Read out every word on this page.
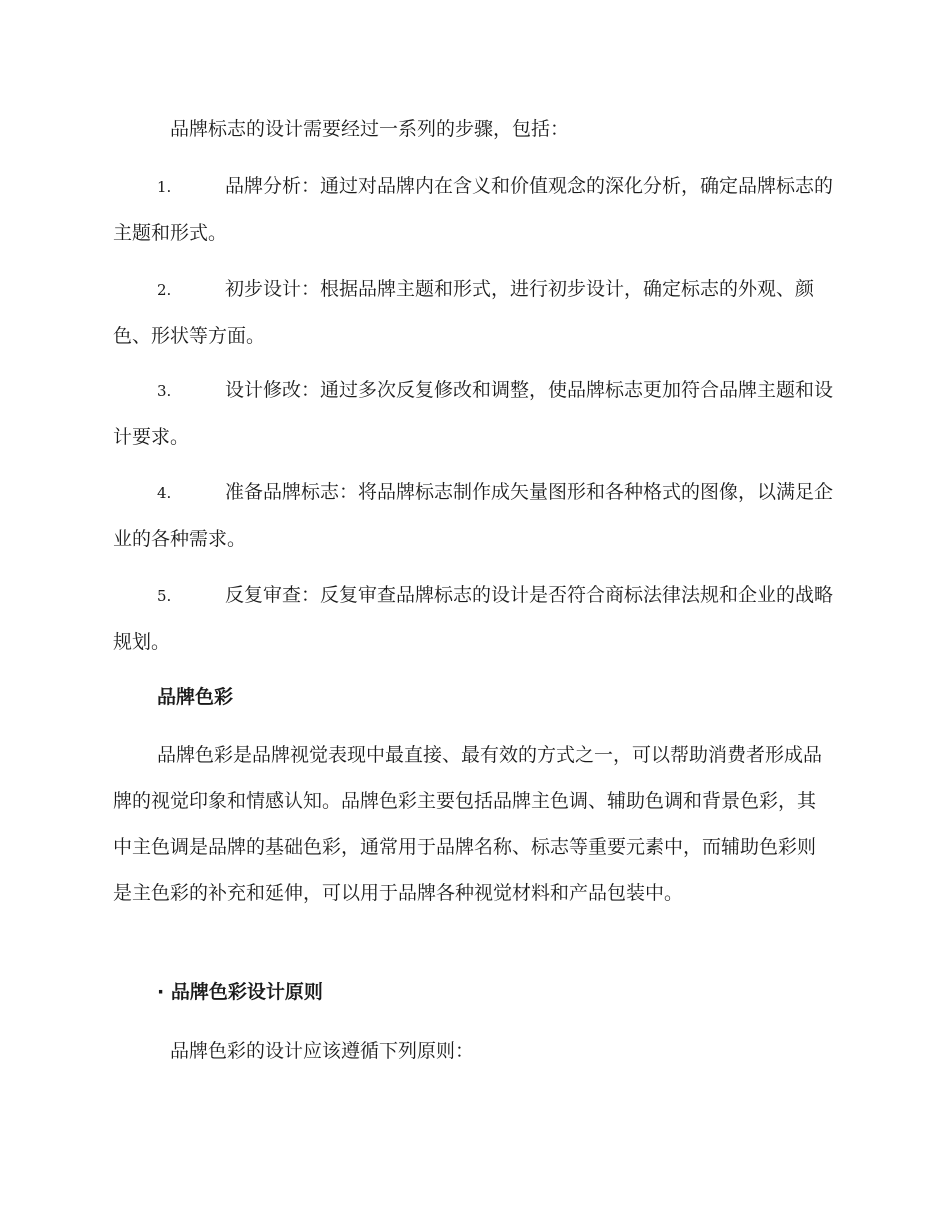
品牌标志的设计需要经过一系列的步骤，包括：

1.	品牌分析：通过对品牌内在含义和价值观念的深化分析，确定品牌标志的主题和形式。

2.	初步设计：根据品牌主题和形式，进行初步设计，确定标志的外观、颜色、形状等方面。

3.	设计修改：通过多次反复修改和调整，使品牌标志更加符合品牌主题和设计要求。

4.	准备品牌标志：将品牌标志制作成矢量图形和各种格式的图像，以满足企业的各种需求。

5.	反复审查：反复审查品牌标志的设计是否符合商标法律法规和企业的战略规划。

品牌色彩

品牌色彩是品牌视觉表现中最直接、最有效的方式之一，可以帮助消费者形成品牌的视觉印象和情感认知。品牌色彩主要包括品牌主色调、辅助色调和背景色彩，其中主色调是品牌的基础色彩，通常用于品牌名称、标志等重要元素中，而辅助色彩则是主色彩的补充和延伸，可以用于品牌各种视觉材料和产品包装中。

· 品牌色彩设计原则

品牌色彩的设计应该遵循下列原则：
